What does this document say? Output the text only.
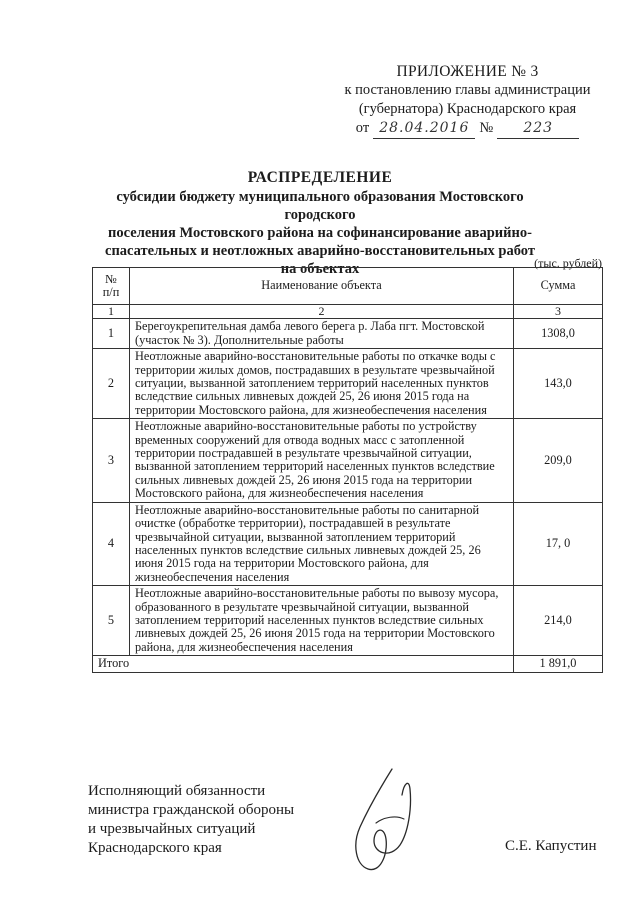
ПРИЛОЖЕНИЕ № 3
к постановлению главы администрации
(губернатора) Краснодарского края
от 28.04.2016 №	223
РАСПРЕДЕЛЕНИЕ
субсидии бюджету муниципального образования Мостовского городского
поселения Мостовского района на софинансирование аварийно-
спасательных и неотложных аварийно-восстановительных работ
на объектах	(тыс. рублей)
№
п/п	Наименование объекта	Сумма
1	2	3
1	Берегоукрепительная дамба левого берега р. Лаба пгт. Мостовской (участок № 3). Дополнительные работы	1308,0
2	Неотложные аварийно-восстановительные работы по откачке воды с территории жилых домов, пострадавших в результате чрезвычайной ситуации, вызванной затоплением территорий населенных пунктов вследствие сильных ливневых дождей 25, 26 июня 2015 года на территории Мостовского района, для жизнеобеспечения населения	143,0
3	Неотложные аварийно-восстановительные работы по устройству временных сооружений для отвода водных масс с затопленной территории пострадавшей в результате чрезвычайной ситуации, вызванной затоплением территорий населенных пунктов вследствие сильных ливневых дождей 25, 26 июня 2015 года на территории Мостовского района, для жизнеобеспечения населения	209,0
4	Неотложные аварийно-восстановительные работы по санитарной очистке (обработке территории), пострадавшей в результате чрезвычайной ситуации, вызванной затоплением территорий населенных пунктов вследствие сильных ливневых дождей 25, 26 июня 2015 года на территории Мостовского района, для жизнеобеспечения населения	17, 0
5	Неотложные аварийно-восстановительные работы по вывозу мусора, образованного в результате чрезвычайной ситуации, вызванной затоплением территорий населенных пунктов вследствие сильных ливневых дождей 25, 26 июня 2015 года на территории Мостовского района, для жизнеобеспечения населения	214,0
Итого		1 891,0
Исполняющий обязанности
министра гражданской обороны
и чрезвычайных ситуаций
Краснодарского края	С.Е. Капустин
